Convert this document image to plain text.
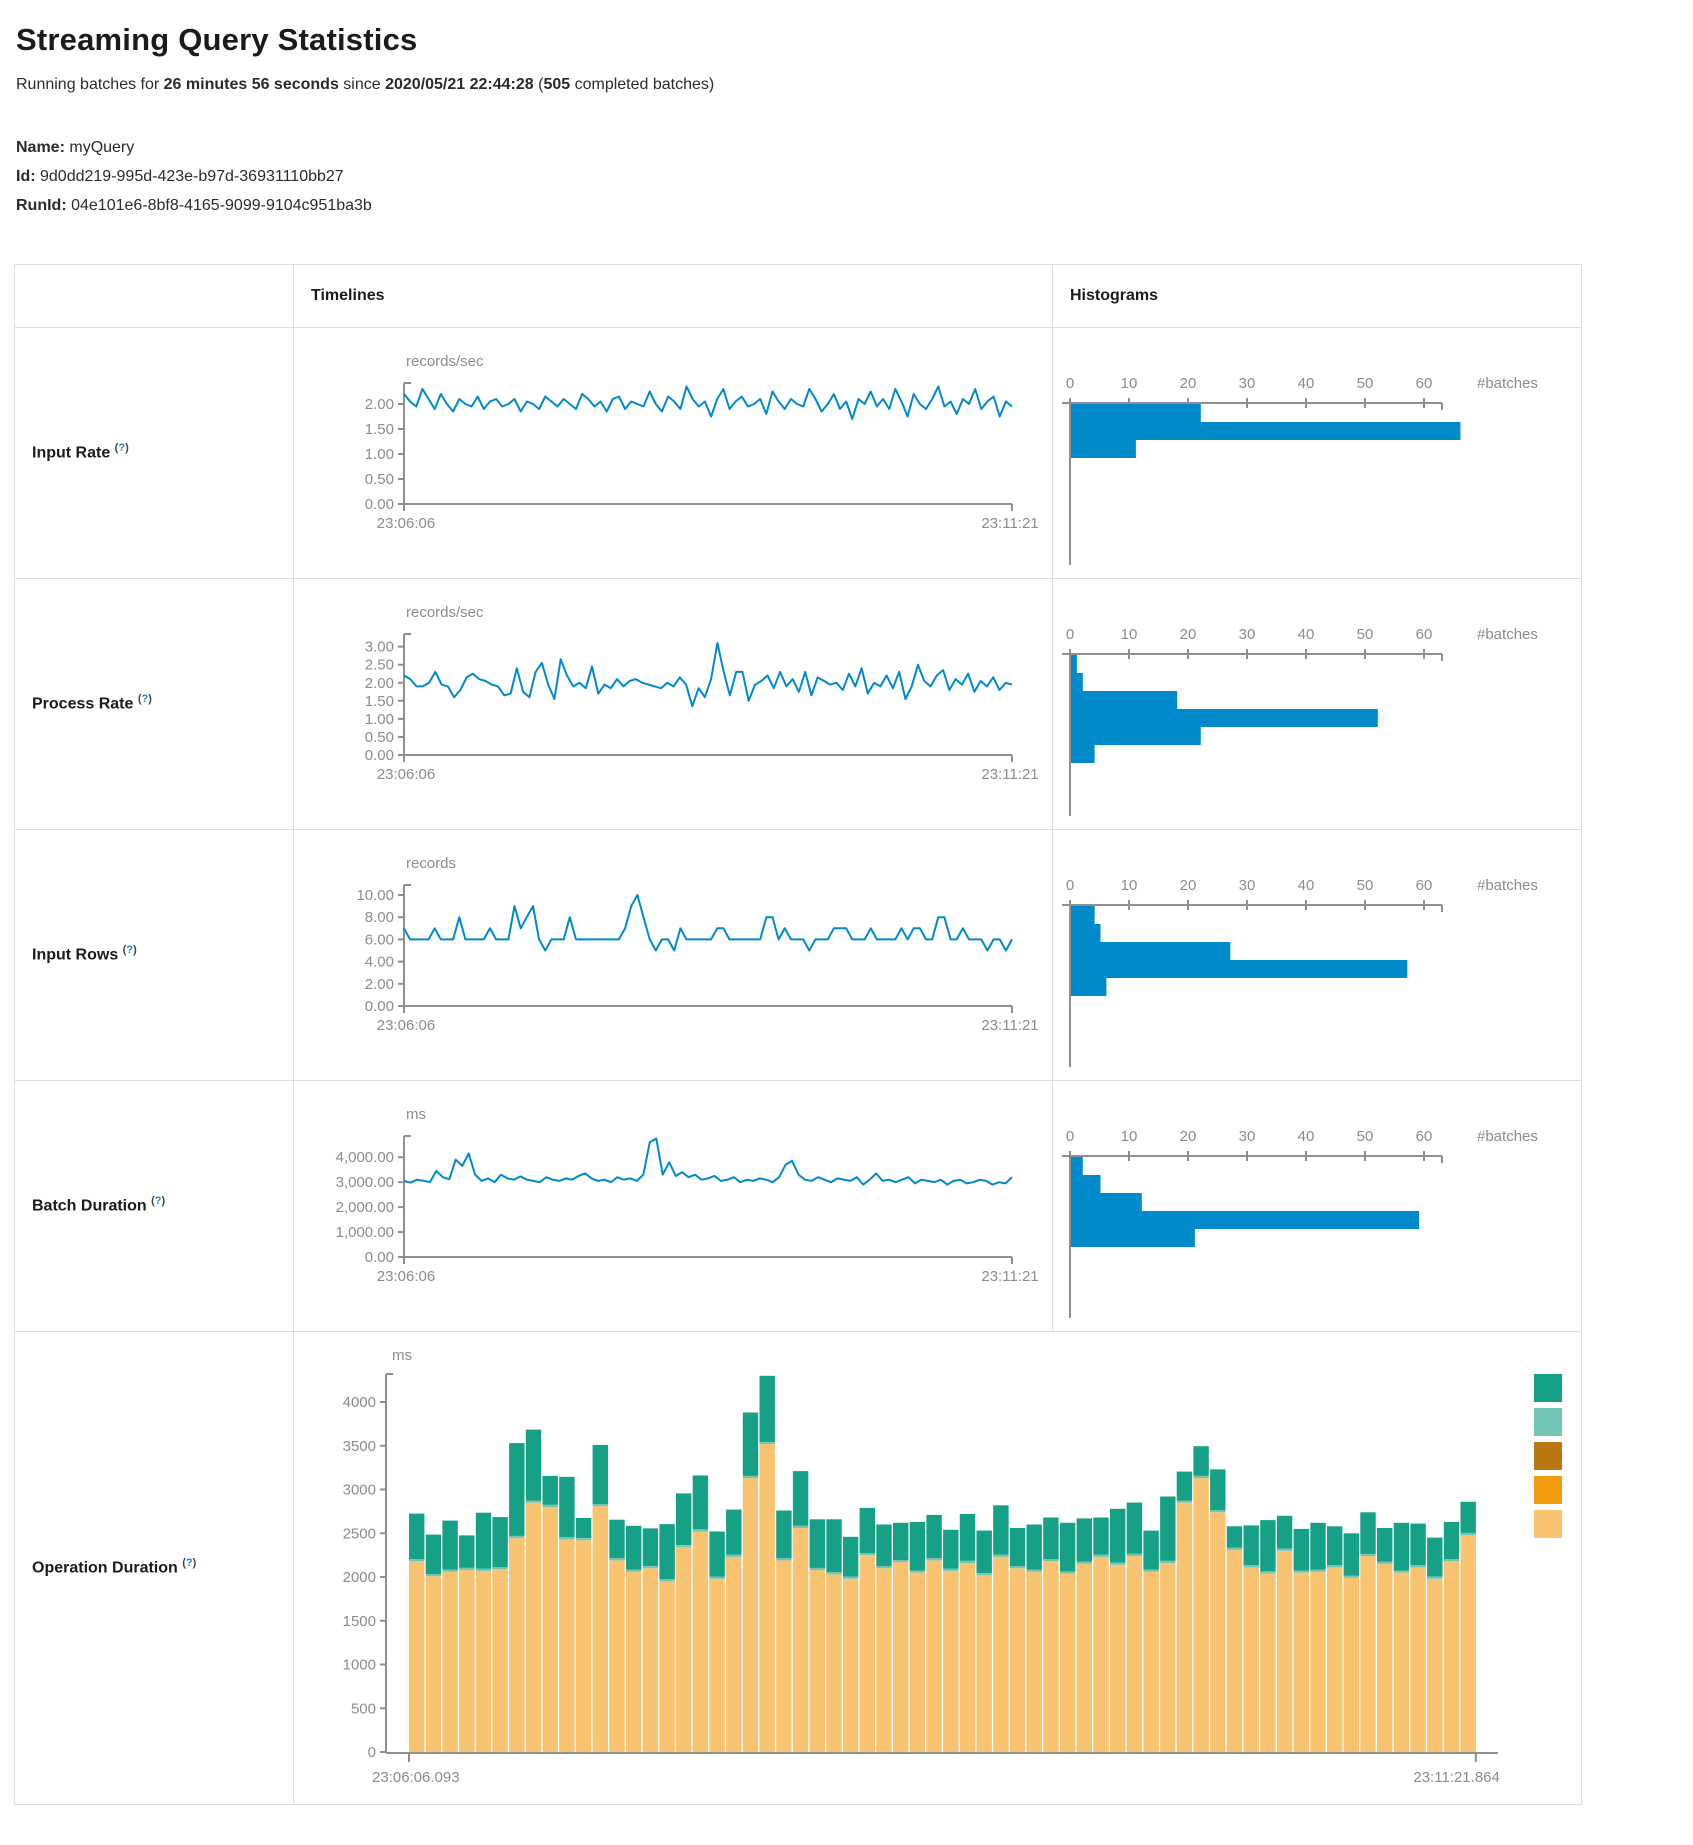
Streaming Query Statistics

Running batches for 26 minutes 56 seconds since 2020/05/21 22:44:28 (505 completed batches)

Name: myQuery

Id: 9d0dd219-995d-423e-b97d-36931110bb27

RunId: 04e101e6-8bf8-4165-9099-9104c951ba3b

	Timelines	Histograms

Input Rate (?)

records/sec
2.00
1.50
1.00
0.50
0.00
23:06:06	23:11:21

0	10	20	30	40	50	60	#batches

Process Rate (?)

records/sec
3.00
2.50
2.00
1.50
1.00
0.50
0.00
23:06:06	23:11:21

0	10	20	30	40	50	60	#batches

Input Rows (?)

records
10.00
8.00
6.00
4.00
2.00
0.00
23:06:06	23:11:21

0	10	20	30	40	50	60	#batches

Batch Duration (?)

ms
4,000.00
3,000.00
2,000.00
1,000.00
0.00
23:06:06	23:11:21

0	10	20	30	40	50	60	#batches

Operation Duration (?)

ms
4000
3500
3000
2500
2000
1500
1000
500
0
23:06:06.093	23:11:21.864
